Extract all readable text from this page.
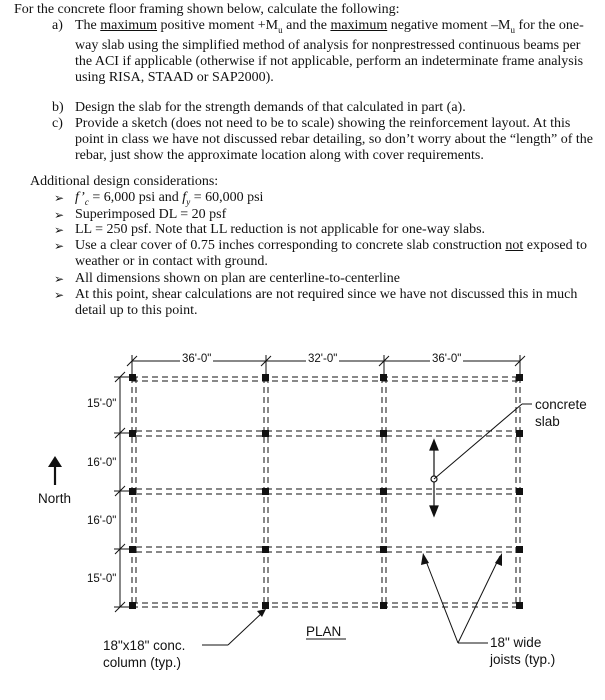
For the concrete floor framing shown below, calculate the following:
a) The maximum positive moment $+M_u$ and the maximum negative moment $-M_u$ for the one-way slab using the simplified method of analysis for nonprestressed continuous beams per the ACI if applicable (otherwise if not applicable, perform an indeterminate frame analysis using RISA, STAAD or SAP2000).
b) Design the slab for the strength demands of that calculated in part (a).
c) Provide a sketch (does not need to be to scale) showing the reinforcement layout. At this point in class we have not discussed rebar detailing, so don’t worry about the “length” of the rebar, just show the approximate location along with cover requirements.
Additional design considerations:
➢ $f’_c = 6,000$ psi and $f_y = 60,000$ psi
➢ Superimposed DL = 20 psf
➢ LL = 250 psf. Note that LL reduction is not applicable for one-way slabs.
➢ Use a clear cover of 0.75 inches corresponding to concrete slab construction not exposed to weather or in contact with ground.
➢ All dimensions shown on plan are centerline-to-centerline
➢ At this point, shear calculations are not required since we have not discussed this in much detail up to this point.
36'-0"	32'-0"	36'-0"
15'-0"
16'-0"
16'-0"
15'-0"
North
concrete
slab
PLAN
18"x18" conc.
column (typ.)
18" wide
joists (typ.)
